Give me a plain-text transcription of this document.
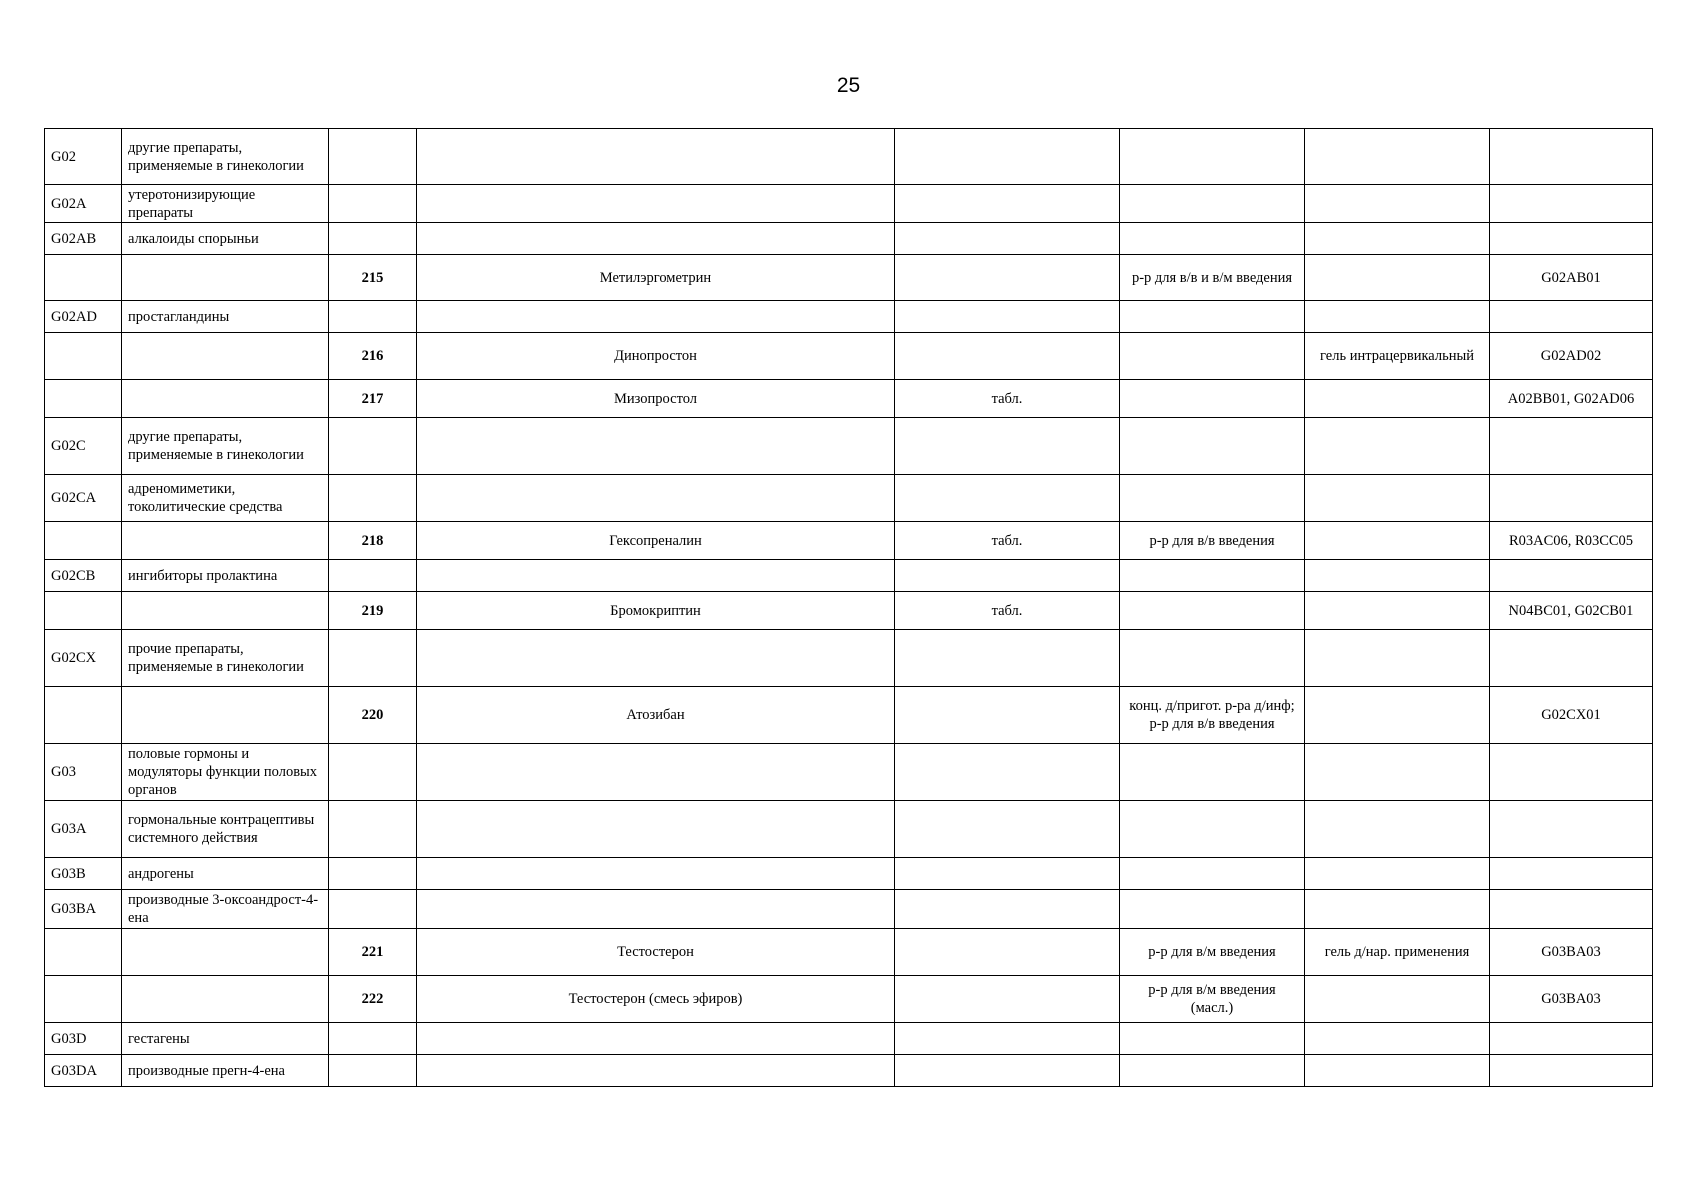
25
G02	другие препараты, применяемые в гинекологии						
G02A	утеротонизирующие препараты						
G02AB	алкалоиды спорыньи						
		215	Метилэргометрин		р-р для в/в и в/м введения		G02AB01
G02AD	простагландины						
		216	Динопростон			гель интрацервикальный	G02AD02
		217	Мизопростол	табл.			A02BB01, G02AD06
G02C	другие препараты, применяемые в гинекологии						
G02CA	адреномиметики, токолитические средства						
		218	Гексопреналин	табл.	р-р для в/в введения		R03AC06, R03CC05
G02CB	ингибиторы пролактина						
		219	Бромокриптин	табл.			N04BC01, G02CB01
G02CX	прочие препараты, применяемые в гинекологии						
		220	Атозибан		конц. д/пригот. р-ра д/инф; р-р для в/в введения		G02CX01
G03	половые гормоны и модуляторы функции половых органов						
G03A	гормональные контрацептивы системного действия						
G03B	андрогены						
G03BA	производные 3-оксоандрост-4-ена						
		221	Тестостерон		р-р для в/м введения	гель д/нар. применения	G03BA03
		222	Тестостерон (смесь эфиров)		р-р для в/м введения (масл.)		G03BA03
G03D	гестагены						
G03DA	производные прегн-4-ена						
